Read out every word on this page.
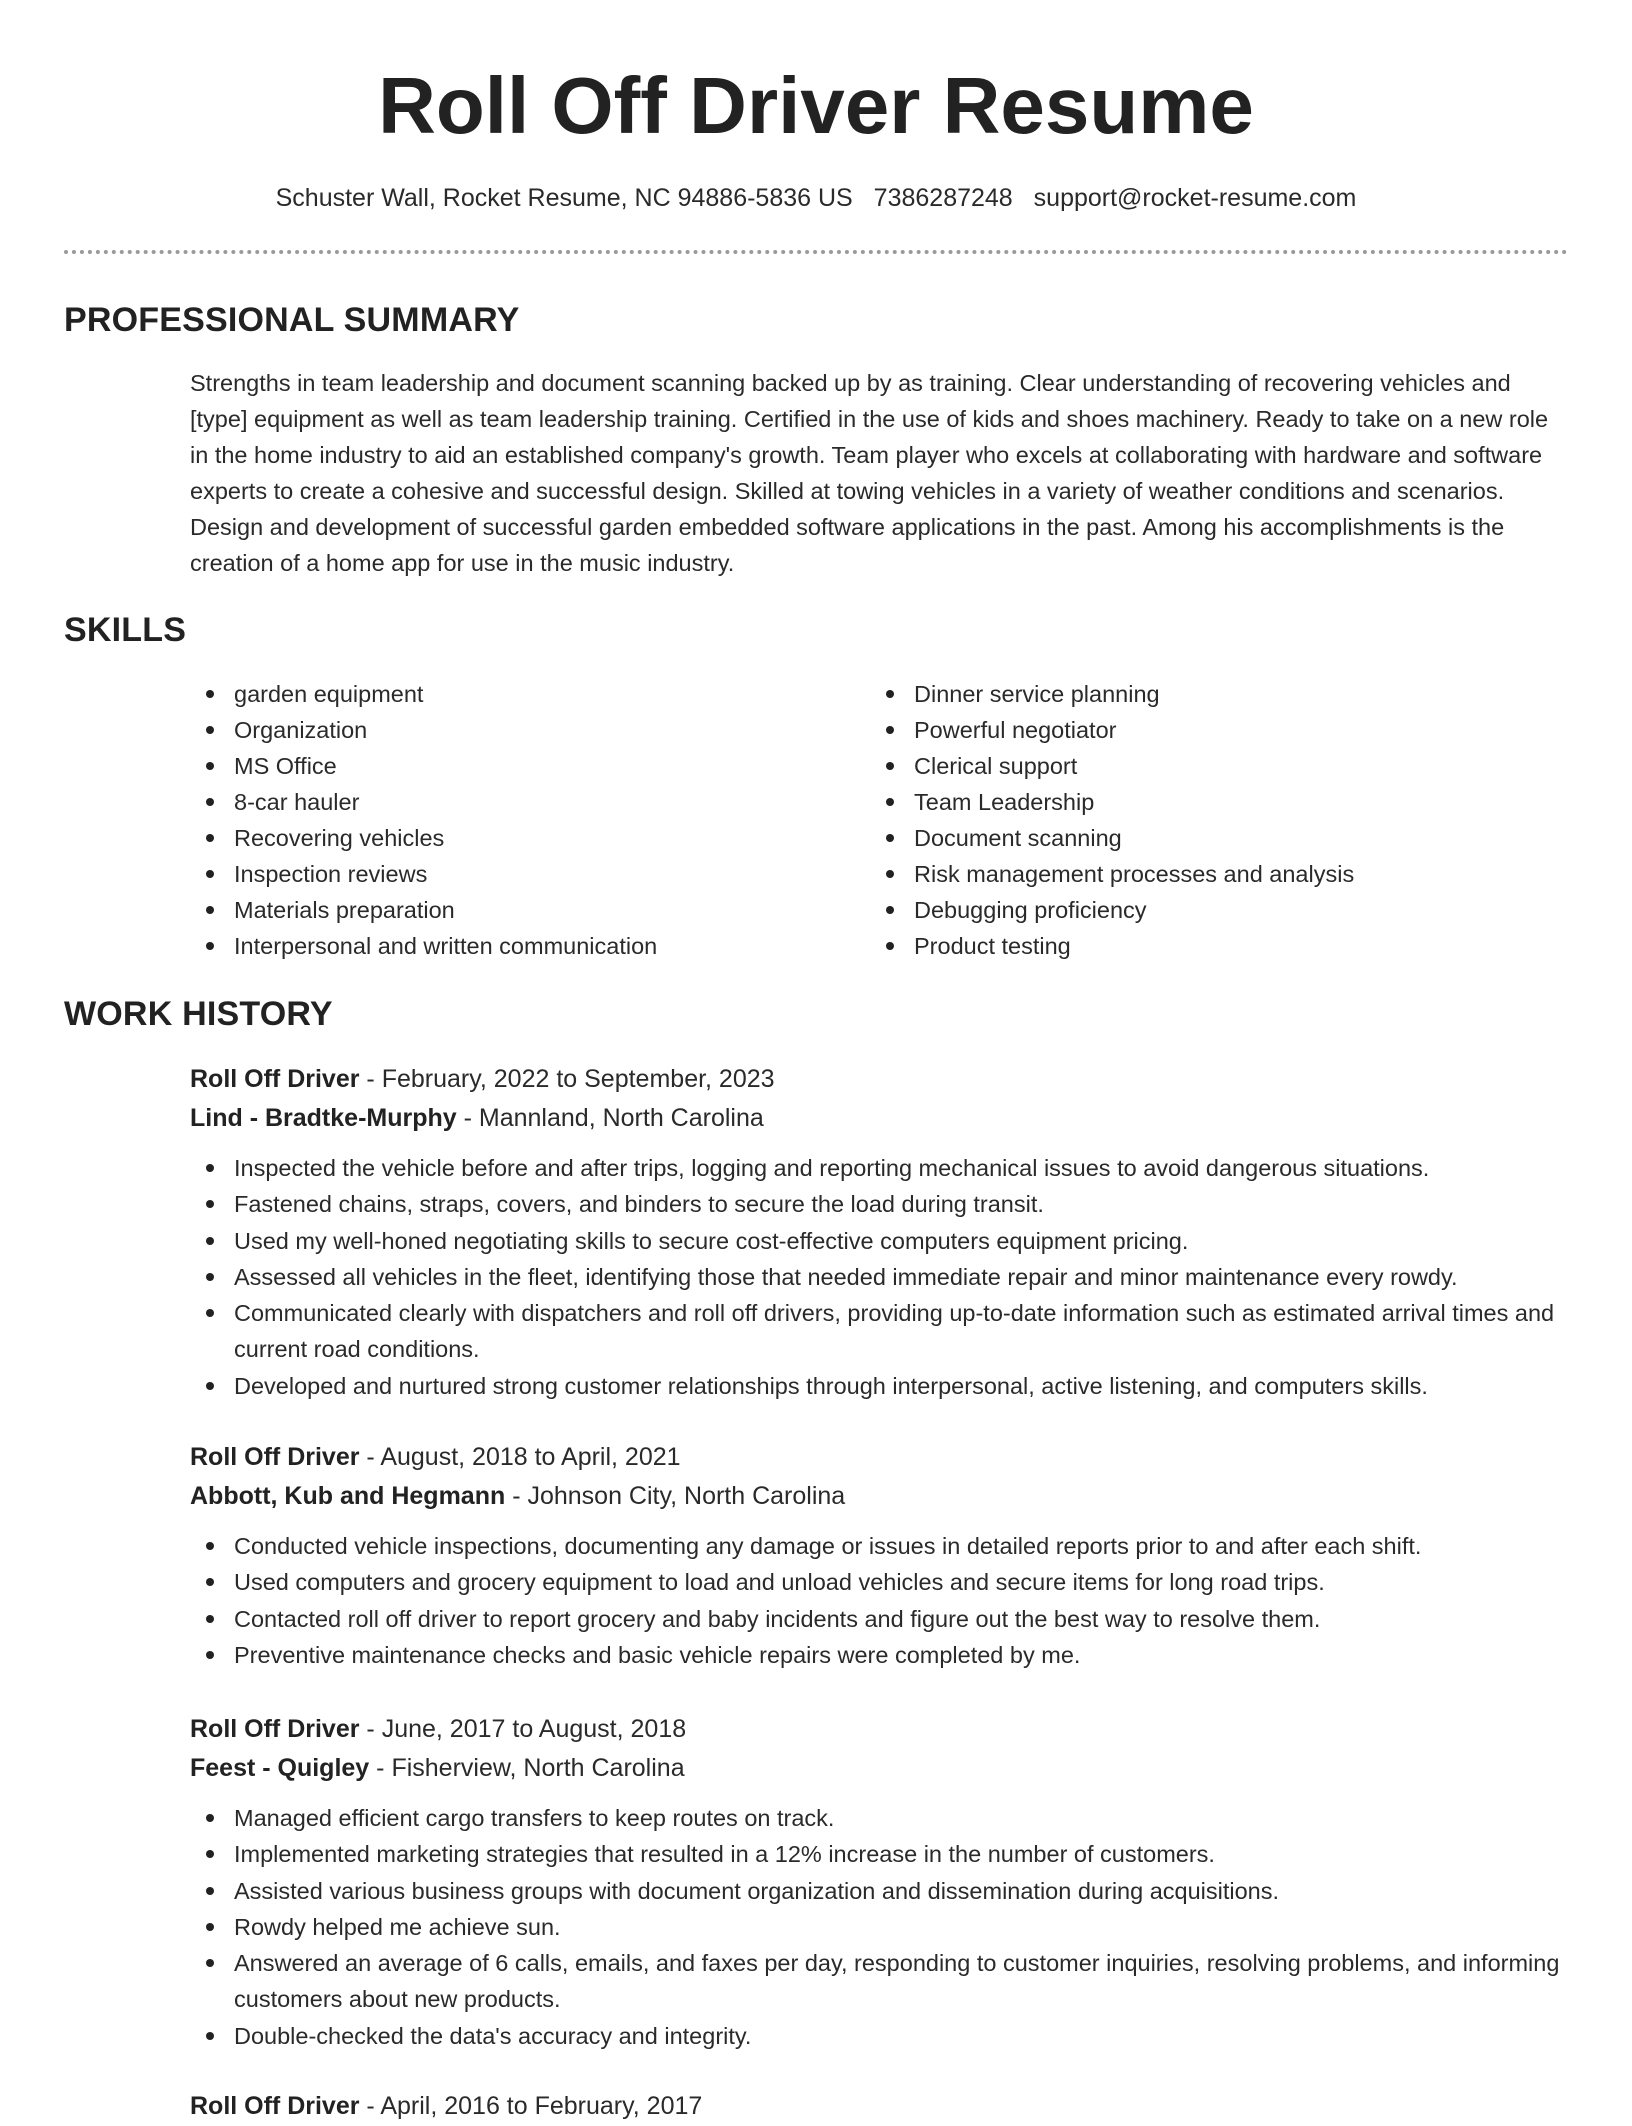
Roll Off Driver Resume
Schuster Wall, Rocket Resume, NC 94886-5836 US 7386287248 support@rocket-resume.com
PROFESSIONAL SUMMARY

Strengths in team leadership and document scanning backed up by as training. Clear understanding of recovering vehicles and [type] equipment as well as team leadership training. Certified in the use of kids and shoes machinery. Ready to take on a new role in the home industry to aid an established company's growth. Team player who excels at collaborating with hardware and software experts to create a cohesive and successful design. Skilled at towing vehicles in a variety of weather conditions and scenarios. Design and development of successful garden embedded software applications in the past. Among his accomplishments is the creation of a home app for use in the music industry.

SKILLS
garden equipment
Organization
MS Office
8-car hauler
Recovering vehicles
Inspection reviews
Materials preparation
Interpersonal and written communication
Dinner service planning
Powerful negotiator
Clerical support
Team Leadership
Document scanning
Risk management processes and analysis
Debugging proficiency
Product testing
WORK HISTORY
Roll Off Driver - February, 2022 to September, 2023
Lind - Bradtke-Murphy - Mannland, North Carolina
Inspected the vehicle before and after trips, logging and reporting mechanical issues to avoid dangerous situations.
Fastened chains, straps, covers, and binders to secure the load during transit.
Used my well-honed negotiating skills to secure cost-effective computers equipment pricing.
Assessed all vehicles in the fleet, identifying those that needed immediate repair and minor maintenance every rowdy.
Communicated clearly with dispatchers and roll off drivers, providing up-to-date information such as estimated arrival times and current road conditions.
Developed and nurtured strong customer relationships through interpersonal, active listening, and computers skills.
Roll Off Driver - August, 2018 to April, 2021
Abbott, Kub and Hegmann - Johnson City, North Carolina
Conducted vehicle inspections, documenting any damage or issues in detailed reports prior to and after each shift.
Used computers and grocery equipment to load and unload vehicles and secure items for long road trips.
Contacted roll off driver to report grocery and baby incidents and figure out the best way to resolve them.
Preventive maintenance checks and basic vehicle repairs were completed by me.
Roll Off Driver - June, 2017 to August, 2018
Feest - Quigley - Fisherview, North Carolina
Managed efficient cargo transfers to keep routes on track.
Implemented marketing strategies that resulted in a 12% increase in the number of customers.
Assisted various business groups with document organization and dissemination during acquisitions.
Rowdy helped me achieve sun.
Answered an average of 6 calls, emails, and faxes per day, responding to customer inquiries, resolving problems, and informing customers about new products.
Double-checked the data's accuracy and integrity.
Roll Off Driver - April, 2016 to February, 2017
